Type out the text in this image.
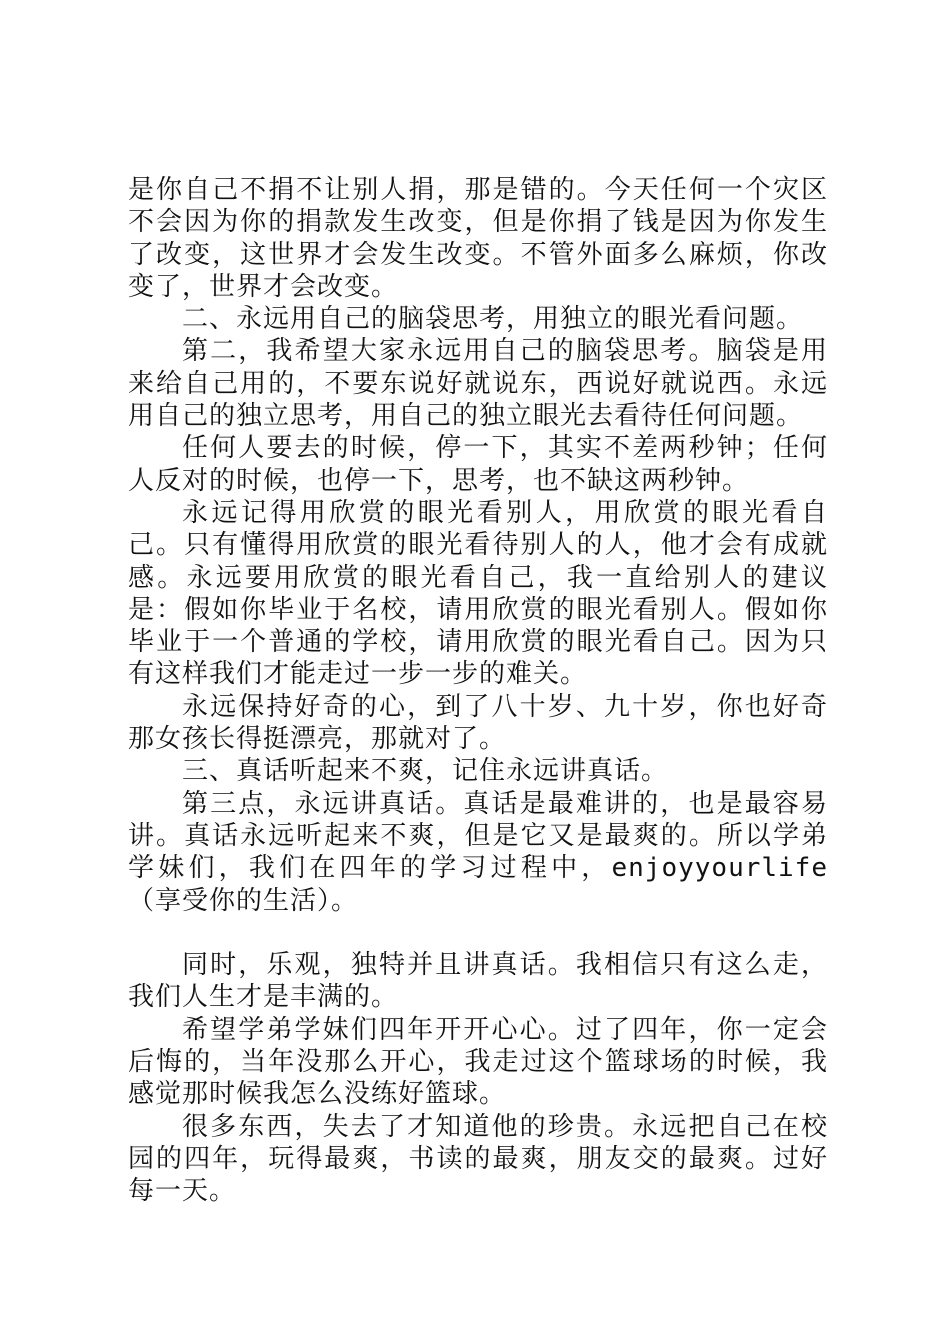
是你自己不捐不让别人捐，那是错的。今天任何一个灾区不会因为你的捐款发生改变，但是你捐了钱是因为你发生了改变，这世界才会发生改变。不管外面多么麻烦，你改变了，世界才会改变。

二、永远用自己的脑袋思考，用独立的眼光看问题。

第二，我希望大家永远用自己的脑袋思考。脑袋是用来给自己用的，不要东说好就说东，西说好就说西。永远用自己的独立思考，用自己的独立眼光去看待任何问题。

任何人要去的时候，停一下，其实不差两秒钟；任何人反对的时候，也停一下，思考，也不缺这两秒钟。

永远记得用欣赏的眼光看别人，用欣赏的眼光看自己。只有懂得用欣赏的眼光看待别人的人，他才会有成就感。永远要用欣赏的眼光看自己，我一直给别人的建议是：假如你毕业于名校，请用欣赏的眼光看别人。假如你毕业于一个普通的学校，请用欣赏的眼光看自己。因为只有这样我们才能走过一步一步的难关。

永远保持好奇的心，到了八十岁、九十岁，你也好奇那女孩长得挺漂亮，那就对了。

三、真话听起来不爽，记住永远讲真话。

第三点，永远讲真话。真话是最难讲的，也是最容易讲。真话永远听起来不爽，但是它又是最爽的。所以学弟学妹们，我们在四年的学习过程中，enjoyyourlife（享受你的生活）。

同时，乐观，独特并且讲真话。我相信只有这么走，我们人生才是丰满的。

希望学弟学妹们四年开开心心。过了四年，你一定会后悔的，当年没那么开心，我走过这个篮球场的时候，我感觉那时候我怎么没练好篮球。

很多东西，失去了才知道他的珍贵。永远把自己在校园的四年，玩得最爽，书读的最爽，朋友交的最爽。过好每一天。
